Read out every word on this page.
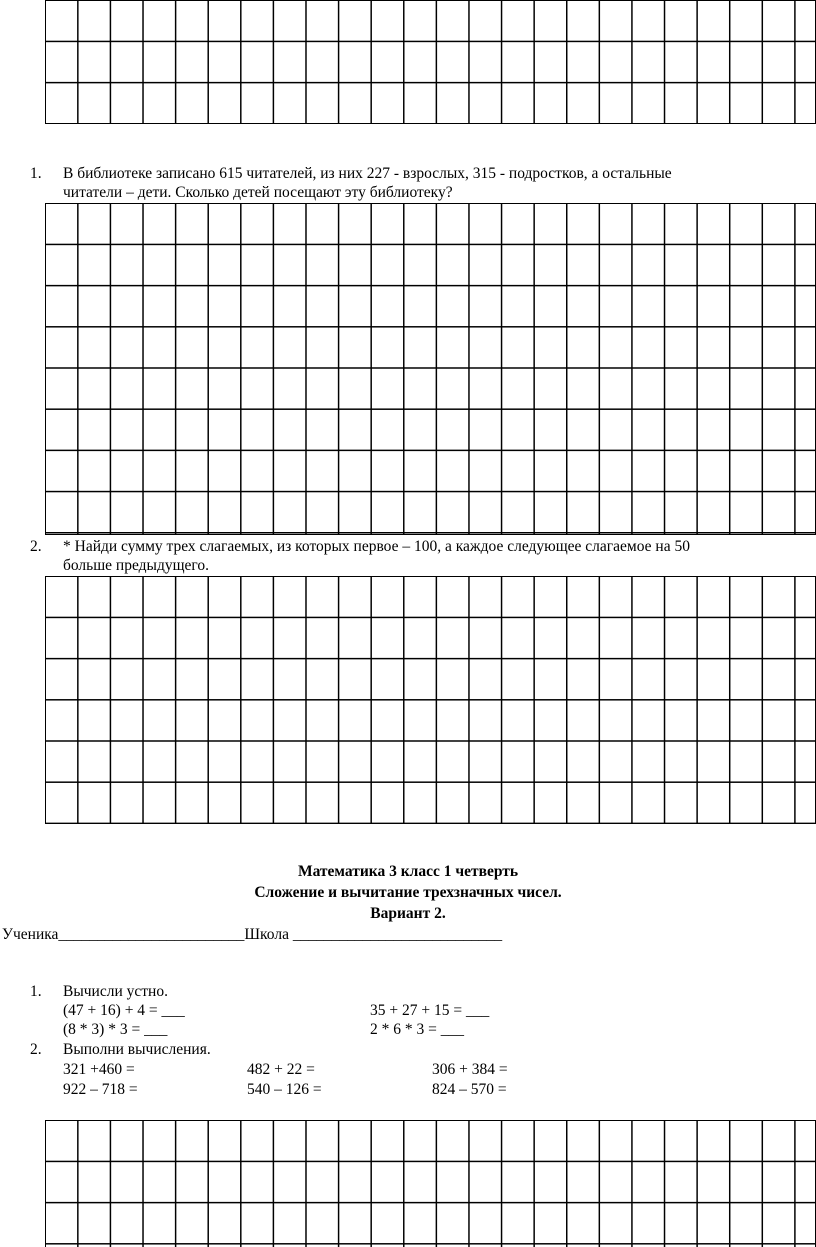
1. В библиотеке записано 615 читателей, из них 227 - взрослых, 315 - подростков, а остальные
читатели – дети. Сколько детей посещают эту библиотеку?
2. * Найди сумму трех слагаемых, из которых первое – 100, а каждое следующее слагаемое на 50
больше предыдущего.
Математика 3 класс 1 четверть
Сложение и вычитание трехзначных чисел.
Вариант 2.
Ученика________________________Школа ___________________________
1. Вычисли устно.
(47 + 16) + 4 = ___	35 + 27 + 15 = ___
(8 * 3) * 3 = ___	2 * 6 * 3 = ___
2. Выполни вычисления.
321 +460 =	482 + 22 =	306 + 384 =
922 – 718 =	540 – 126 =	824 – 570 =
